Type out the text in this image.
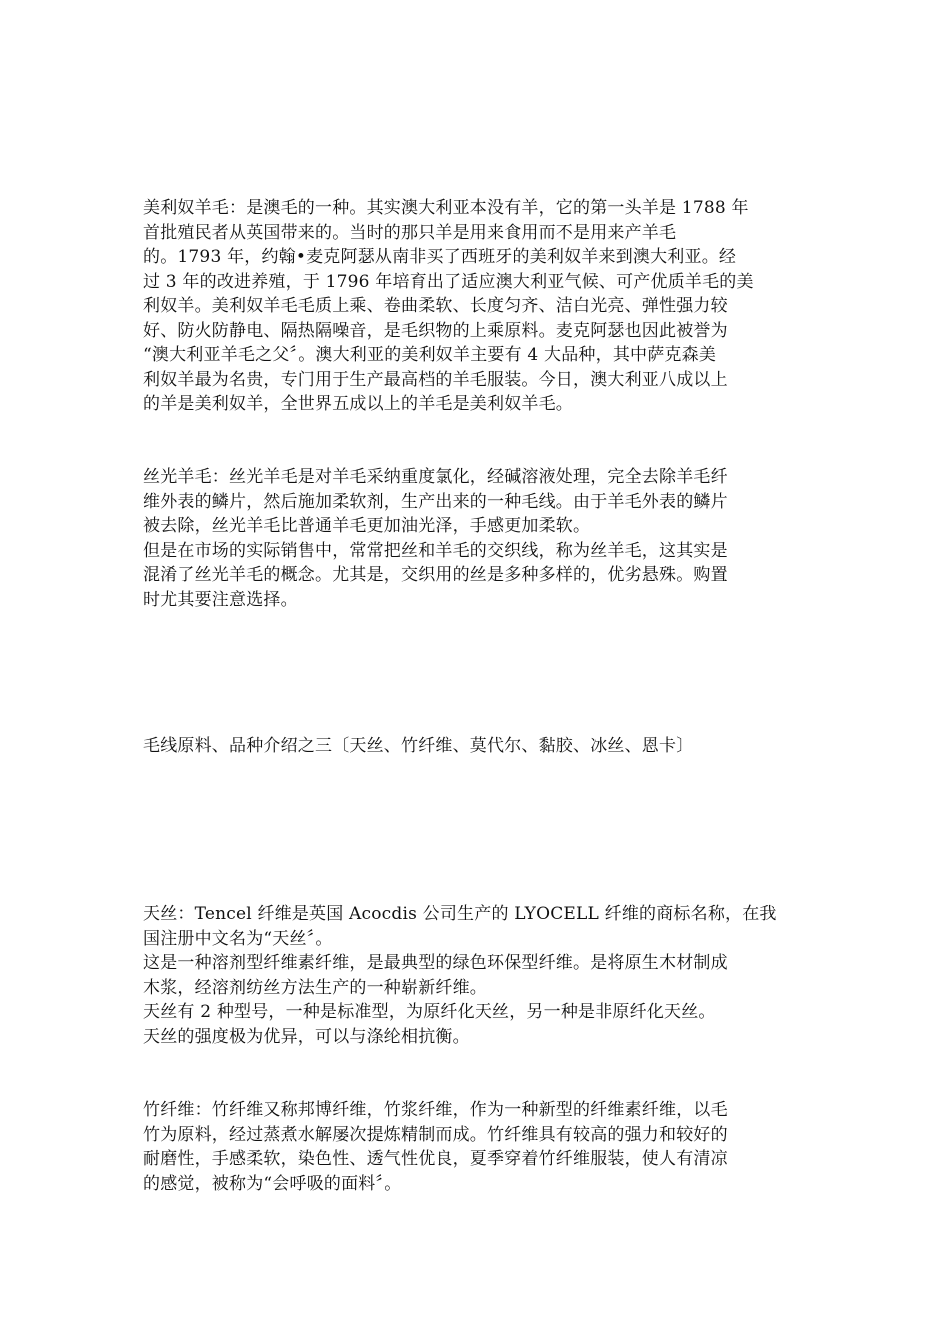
美利奴羊毛：是澳毛的一种。其实澳大利亚本没有羊，它的第一头羊是 1788 年

首批殖民者从英国带来的。当时的那只羊是用来食用而不是用来产羊毛

的。1793 年，约翰•麦克阿瑟从南非买了西班牙的美利奴羊来到澳大利亚。经

过 3 年的改进养殖，于 1796 年培育出了适应澳大利亚气候、可产优质羊毛的美

利奴羊。美利奴羊毛毛质上乘、卷曲柔软、长度匀齐、洁白光亮、弹性强力较

好、防火防静电、隔热隔噪音，是毛织物的上乘原料。麦克阿瑟也因此被誉为

“澳大利亚羊毛之父〞。澳大利亚的美利奴羊主要有 4 大品种，其中萨克森美

利奴羊最为名贵，专门用于生产最高档的羊毛服装。今日，澳大利亚八成以上

的羊是美利奴羊，全世界五成以上的羊毛是美利奴羊毛。

丝光羊毛：丝光羊毛是对羊毛采纳重度氯化，经碱溶液处理，完全去除羊毛纤

维外表的鳞片，然后施加柔软剂，生产出来的一种毛线。由于羊毛外表的鳞片

被去除，丝光羊毛比普通羊毛更加油光泽，手感更加柔软。

但是在市场的实际销售中，常常把丝和羊毛的交织线，称为丝羊毛，这其实是

混淆了丝光羊毛的概念。尤其是，交织用的丝是多种多样的，优劣悬殊。购置

时尤其要注意选择。

毛线原料、品种介绍之三〔天丝、竹纤维、莫代尔、黏胶、冰丝、恩卡〕

天丝：Tencel 纤维是英国 Acocdis 公司生产的 LYOCELL 纤维的商标名称，在我

国注册中文名为“天丝〞。

这是一种溶剂型纤维素纤维，是最典型的绿色环保型纤维。是将原生木材制成

木浆，经溶剂纺丝方法生产的一种崭新纤维。

天丝有 2 种型号，一种是标准型，为原纤化天丝，另一种是非原纤化天丝。

天丝的强度极为优异，可以与涤纶相抗衡。

竹纤维：竹纤维又称邦博纤维，竹浆纤维，作为一种新型的纤维素纤维，以毛

竹为原料，经过蒸煮水解屡次提炼精制而成。竹纤维具有较高的强力和较好的

耐磨性，手感柔软，染色性、透气性优良，夏季穿着竹纤维服装，使人有清凉

的感觉，被称为“会呼吸的面料〞。
